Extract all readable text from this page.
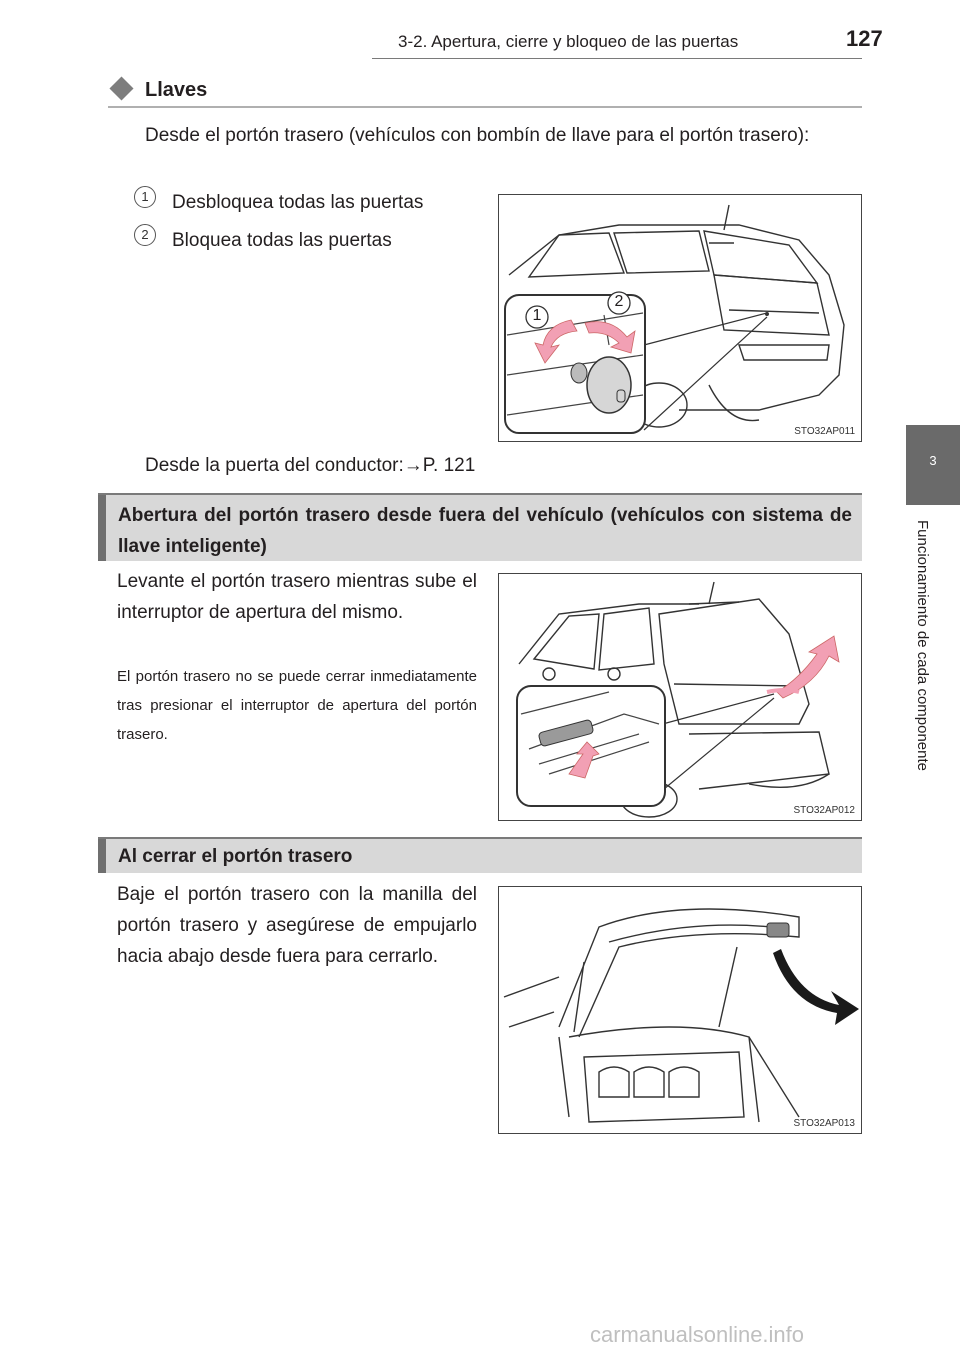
3-2. Apertura, cierre y bloqueo de las puertas	127
3
Funcionamiento de cada componente
Llaves
Desde el portón trasero (vehículos con bombín de llave para el portón trasero):
1	Desbloquea todas las puertas
2	Bloquea todas las puertas
Desde la puerta del conductor:→P. 121
1
2
STO32AP011
Abertura del portón trasero desde fuera del vehículo (vehículos con sistema de llave inteligente)
Levante el portón trasero mientras sube el interruptor de apertura del mismo.
El portón trasero no se puede cerrar inmediatamente tras presionar el interruptor de apertura del portón trasero.
STO32AP012
Al cerrar el portón trasero
Baje el portón trasero con la manilla del portón trasero y asegúrese de empujarlo hacia abajo desde fuera para cerrarlo.
STO32AP013
carmanualsonline.info
